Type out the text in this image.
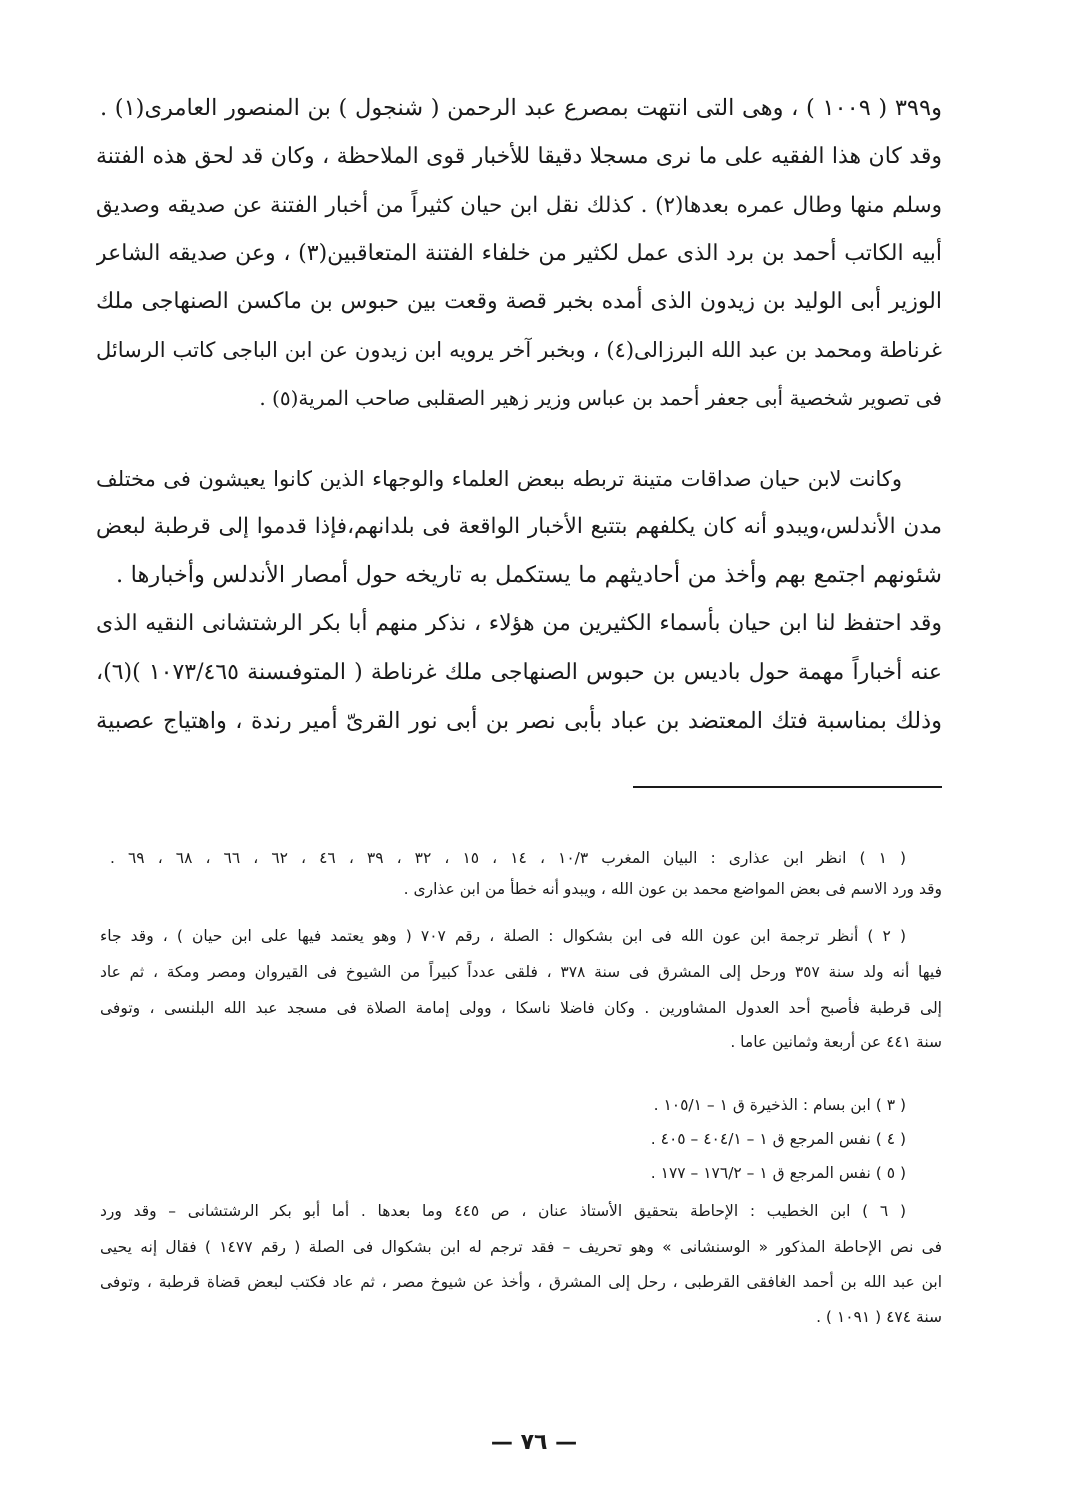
و٣٩٩ ( ١٠٠٩ ) ، وهى التى انتهت بمصرع عبد الرحمن ( شنجول ) بن المنصور العامرى(١) .
وقد كان هذا الفقيه على ما نرى مسجلا دقيقا للأخبار قوى الملاحظة ، وكان قد لحق هذه الفتنة
وسلم منها وطال عمره بعدها(٢) . كذلك نقل ابن حيان كثيراً من أخبار الفتنة عن صديقه وصديق
أبيه الكاتب أحمد بن برد الذى عمل لكثير من خلفاء الفتنة المتعاقبين(٣) ، وعن صديقه الشاعر
الوزير أبى الوليد بن زيدون الذى أمده بخبر قصة وقعت بين حبوس بن ماكسن الصنهاجى ملك
غرناطة ومحمد بن عبد الله البرزالى(٤) ، وبخبر آخر يرويه ابن زيدون عن ابن الباجى كاتب الرسائل
فى تصوير شخصية أبى جعفر أحمد بن عباس وزير زهير الصقلبى صاحب المرية(٥) .
وكانت لابن حيان صداقات متينة تربطه ببعض العلماء والوجهاء الذين كانوا يعيشون فى مختلف
مدن الأندلس،ويبدو أنه كان يكلفهم بتتبع الأخبار الواقعة فى بلدانهم،فإذا قدموا إلى قرطبة لبعض
شئونهم اجتمع بهم وأخذ من أحاديثهم ما يستكمل به تاريخه حول أمصار الأندلس وأخبارها .
وقد احتفظ لنا ابن حيان بأسماء الكثيرين من هؤلاء ، نذكر منهم أبا بكر الرشتشانى النقيه الذى
عنه أخباراً مهمة حول باديس بن حبوس الصنهاجى ملك غرناطة ( المتوفىسنة ١٠٧٣/٤٦٥ )(٦)،
وذلك بمناسبة فتك المعتضد بن عباد بأبى نصر بن أبى نور القرىّ أمير رندة ، واهتياج عصبية
( ١ ) انظر ابن عذارى : البيان المغرب ١٠/٣ ، ١٤ ، ١٥ ، ٣٢ ، ٣٩ ، ٤٦ ، ٦٢ ، ٦٦ ، ٦٨ ، ٦٩ .
وقد ورد الاسم فى بعض المواضع محمد بن عون الله ، ويبدو أنه خطأ من ابن عذارى .
( ٢ ) أنظر ترجمة ابن عون الله فى ابن بشكوال : الصلة ، رقم ٧٠٧ ( وهو يعتمد فيها على ابن حيان ) ، وقد جاء
فيها أنه ولد سنة ٣٥٧ ورحل إلى المشرق فى سنة ٣٧٨ ، فلقى عدداً كبيراً من الشيوخ فى القيروان ومصر ومكة ، ثم عاد
إلى قرطبة فأصبح أحد العدول المشاورين . وكان فاضلا ناسكا ، وولى إمامة الصلاة فى مسجد عبد الله البلنسى ، وتوفى
سنة ٤٤١ عن أربعة وثمانين عاما .
( ٣ ) ابن بسام : الذخيرة ق ١ – ١٠٥/١ .
( ٤ ) نفس المرجع ق ١ – ٤٠٤/١ – ٤٠٥ .
( ٥ ) نفس المرجع ق ١ – ١٧٦/٢ – ١٧٧ .
( ٦ ) ابن الخطيب : الإحاطة بتحقيق الأستاذ عنان ، ص ٤٤٥ وما بعدها . أما أبو بكر الرشتشانى – وقد ورد
فى نص الإحاطة المذكور « الوسنشانى » وهو تحريف – فقد ترجم له ابن بشكوال فى الصلة ( رقم ١٤٧٧ ) فقال إنه يحيى
ابن عبد الله بن أحمد الغافقى القرطبى ، رحل إلى المشرق ، وأخذ عن شيوخ مصر ، ثم عاد فكتب لبعض قضاة قرطبة ، وتوفى
سنة ٤٧٤ ( ١٠٩١ ) .
— ٧٦ —
